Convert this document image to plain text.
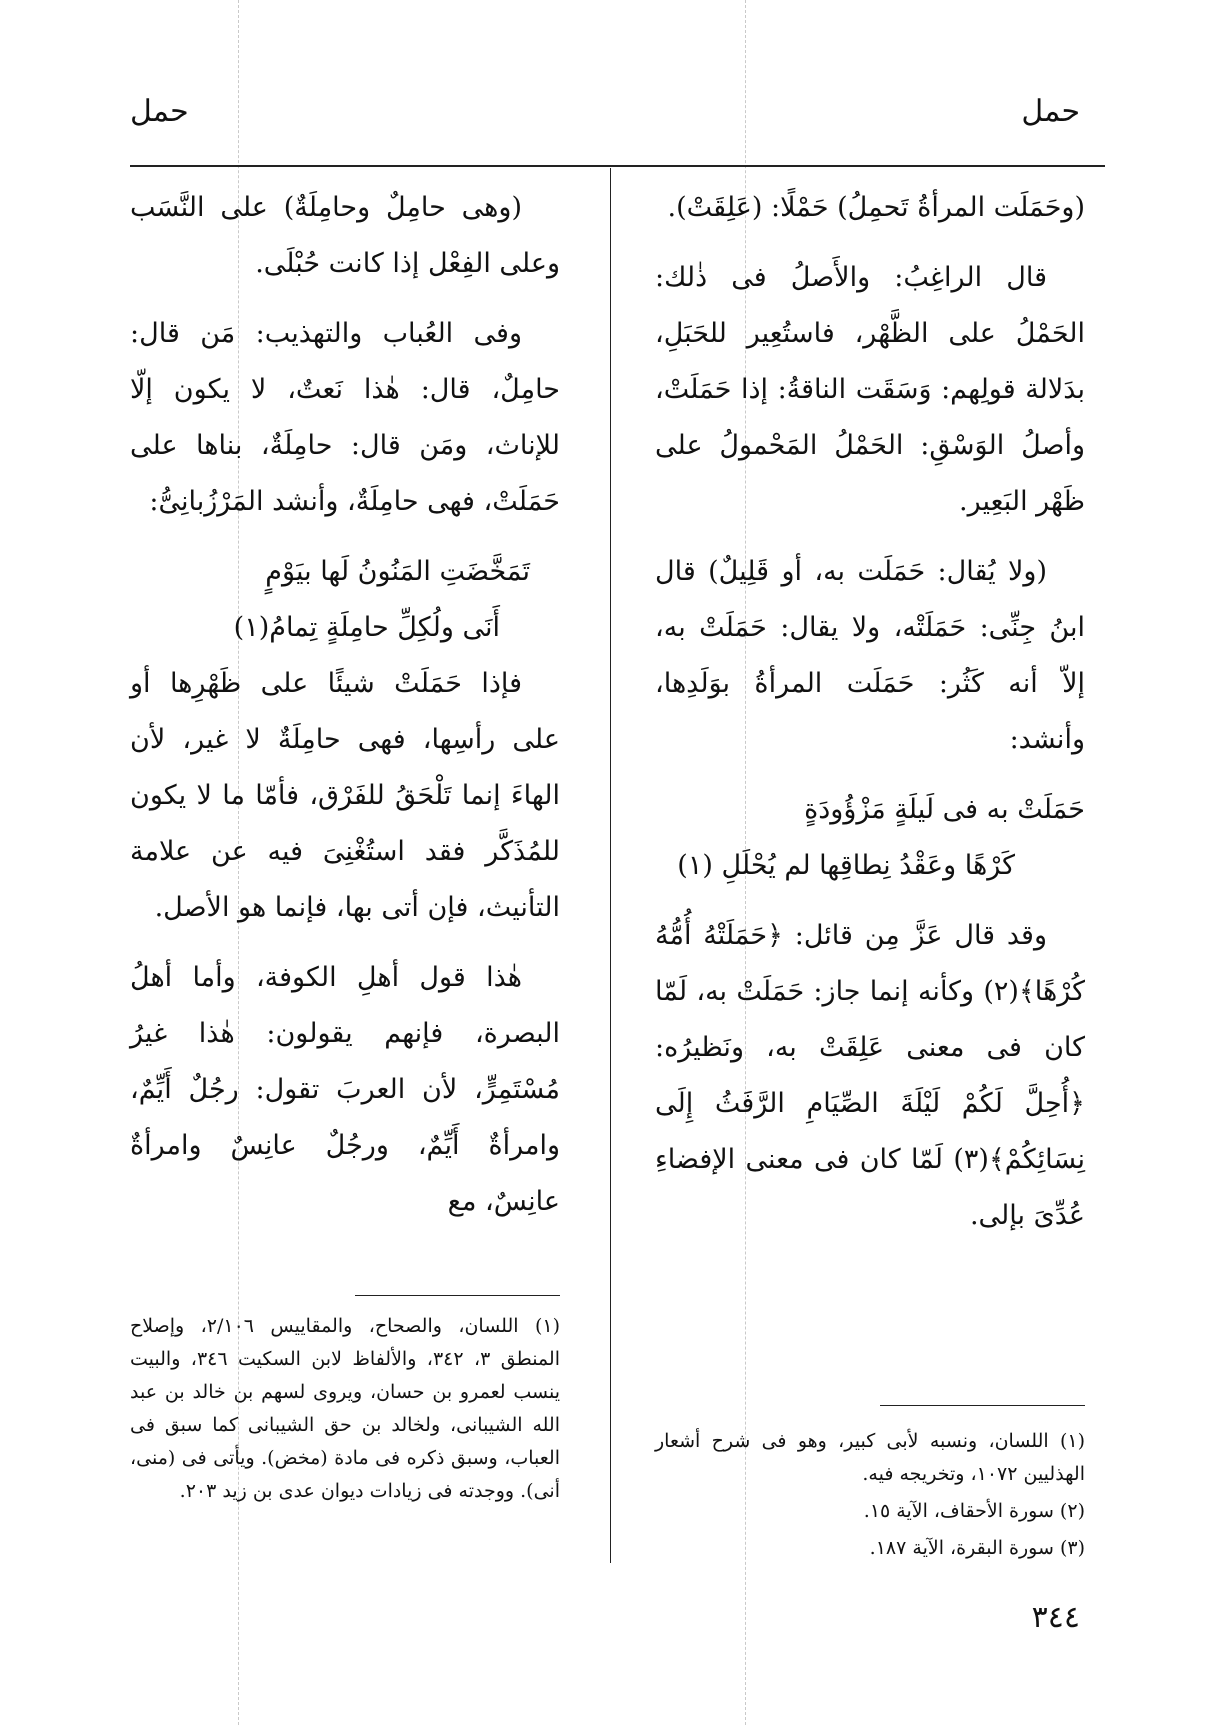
حمل
حمل

(وحَمَلَت المرأةُ تَحمِلُ) حَمْلًا: (عَلِقَتْ).

قال الراغِبُ: والأَصلُ فى ذٰلك: الحَمْلُ على الظَّهْر، فاستُعِير للحَبَلِ، بدَلالة قولِهم: وَسَقَت الناقةُ: إذا حَمَلَتْ، وأصلُ الوَسْقِ: الحَمْلُ المَحْمولُ على ظَهْر البَعِير.

(ولا يُقال: حَمَلَت به، أو قَلِيلٌ) قال ابنُ جِنِّى: حَمَلَتْه، ولا يقال: حَمَلَتْ به، إلاّ أنه كَثُر: حَمَلَت المرأةُ بوَلَدِها، وأنشد:

حَمَلَتْ به فى لَيلَةٍ مَزْؤُودَةٍ

كَرْهًا وعَقْدُ نِطاقِها لم يُحْلَلِ (١)

وقد قال عَزَّ مِن قائل: ﴿حَمَلَتْهُ أُمُّهُ كُرْهًا﴾(٢) وكأنه إنما جاز: حَمَلَتْ به، لَمّا كان فى معنى عَلِقَتْ به، ونَظيرُه: ﴿أُحِلَّ لَكُمْ لَيْلَةَ الصِّيَامِ الرَّفَثُ إِلَى نِسَائِكُمْ﴾(٣) لَمّا كان فى معنى الإفضاءِ عُدِّىَ بإلى.

(وهى حامِلٌ وحامِلَةٌ) على النَّسَب وعلى الفِعْل إذا كانت حُبْلَى.

وفى العُباب والتهذيب: مَن قال: حامِلٌ، قال: هٰذا نَعتٌ، لا يكون إلّا للإناث، ومَن قال: حامِلَةٌ، بناها على حَمَلَتْ، فهى حامِلَةٌ، وأنشد المَرْزُبانِىُّ:

تَمَخَّضَتِ المَنُونُ لَها بيَوْمٍ

أَنَى ولُكِلِّ حامِلَةٍ تِمامُ(١)

فإذا حَمَلَتْ شيئًا على ظَهْرِها أو على رأسِها، فهى حامِلَةٌ لا غير، لأن الهاءَ إنما تَلْحَقُ للفَرْق، فأمّا ما لا يكون للمُذَكَّر فقد استُغْنِىَ فيه عن علامة التأنيث، فإن أتى بها، فإنما هو الأصل.

هٰذا قول أهلِ الكوفة، وأما أهلُ البصرة، فإنهم يقولون: هٰذا غيرُ مُسْتَمِرٍّ، لأن العربَ تقول: رجُلٌ أَيِّمٌ، وامرأةٌ أَيِّمٌ، ورجُلٌ عانِسٌ وامرأةٌ عانِسٌ، مع

(١) اللسان، ونسبه لأبى كبير، وهو فى شرح أشعار الهذليين ١٠٧٢، وتخريجه فيه.

(٢) سورة الأحقاف، الآية ١٥.

(٣) سورة البقرة، الآية ١٨٧.

(١) اللسان، والصحاح، والمقاييس ٢/١٠٦، وإصلاح المنطق ٣، ٣٤٢، والألفاظ لابن السكيت ٣٤٦، والبيت ينسب لعمرو بن حسان، ويروى لسهم بن خالد بن عبد الله الشيبانى، ولخالد بن حق الشيبانى كما سبق فى العباب، وسبق ذكره فى مادة (مخض). ويأتى فى (منى، أنى). ووجدته فى زيادات ديوان عدى بن زيد ٢٠٣.

٣٤٤
